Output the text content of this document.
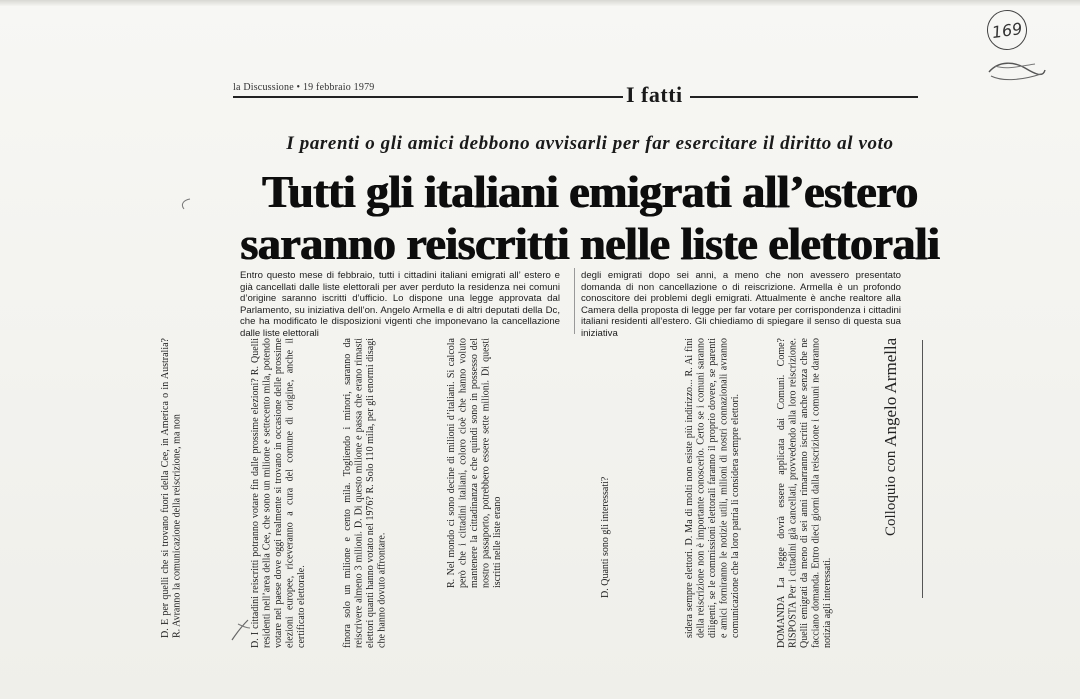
169
la Discussione • 19 febbraio 1979	I fatti
I parenti o gli amici debbono avvisarli per far esercitare il diritto al voto
Tutti gli italiani emigrati all’estero
saranno reiscritti nelle liste elettorali
Entro questo mese di febbraio, tutti i cittadini italiani emigrati all’ estero e già cancellati dalle liste elettorali per aver perduto la residenza nei comuni d’origine saranno iscritti d’ufficio. Lo dispone una legge approvata dal Parlamento, su iniziativa dell’on. Angelo Armella e di altri deputati della Dc, che ha modificato le disposizioni vigenti che imponevano la cancellazione dalle liste elettorali
degli emigrati dopo sei anni, a meno che non avessero presentato domanda di non cancellazione o di reiscrizione. Armella è un profondo conoscitore dei problemi degli emigrati. Attualmente è anche realtore alla Camera della proposta di legge per far votare per corrispondenza i cittadini italiani residenti all’estero. Gli chiediamo di spiegare il senso di questa sua iniziativa
D. E per quelli che si trovano fuori della Cee, in America o in Australia? R. Avranno la comunicazione della reiscrizione, ma non	D. I cittadini reiscritti potranno votare fin dalle prossime elezioni? R. Quelli residenti nell’area della Cee, che sono un milione e settecento mila, potendo votare nel paese dove oggi realmente si trovano in occasione delle prossime elezioni europee, riceveranno a cura del comune di origine, anche il certificato elettorale.	finora solo un milione e cento mila. Togliendo i minori, saranno da reiscrivere almeno 3 milioni. D. Di questo milione e passa che erano rimasti elettori quanti hanno votato nel 1976? R. Solo 110 mila, per gli enormi disagi che hanno dovuto affrontare.
R. Nel mondo ci sono decine di milioni d’italiani. Si calcola però che i cittadini italiani, coloro cioè che hanno voluto mantenere la cittadinanza e che quindi sono in possesso del nostro passaporto, potrebbero essere sette milioni. Di questi iscritti nelle liste erano	D. Quanti sono gli interessati?	sidera sempre elettori. D. Ma di molti non esiste più indirizzo... R. Ai fini della reiscrizione non è importante conoscerlo. Certo se i comuni saranno diligenti, se le commissioni elettorali faranno il proprio dovere, se parenti e amici forniranno le notizie utili, milioni di nostri connazionali avranno comunicazione che la loro patria li considera sempre elettori.	DOMANDA La legge dovrà essere applicata dai Comuni. Come? RISPOSTA Per i cittadini già cancellati, provvedendo alla loro reiscrizione. Quelli emigrati da meno di sei anni rimarranno iscritti anche senza che ne facciano domanda. Entro dieci giorni dalla reiscrizione i comuni ne daranno notizia agli interessati.
Colloquio con Angelo Armella
